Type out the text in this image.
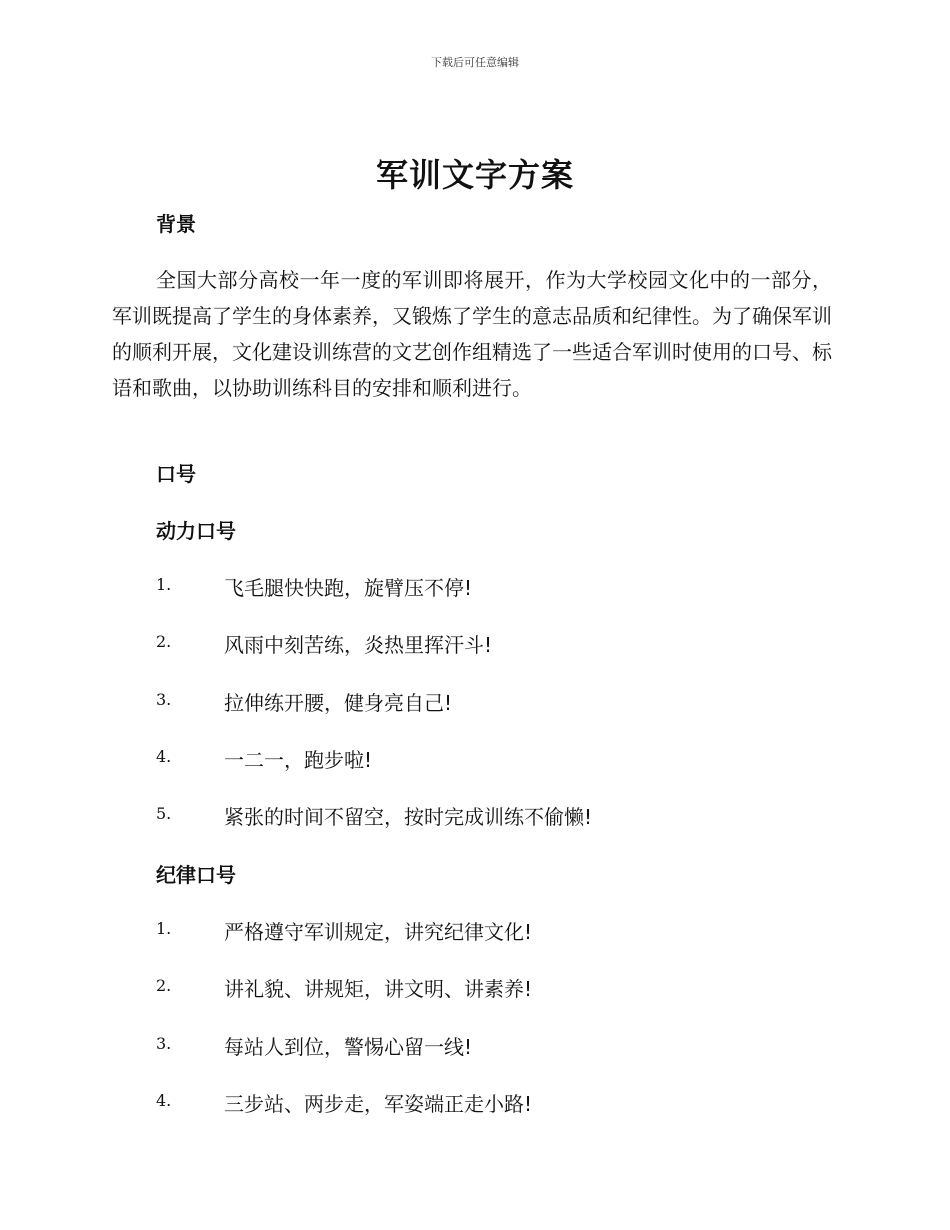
下载后可任意编辑
军训文字方案
背景

全国大部分高校一年一度的军训即将展开，作为大学校园文化中的一部分，军训既提高了学生的身体素养，又锻炼了学生的意志品质和纪律性。为了确保军训的顺利开展，文化建设训练营的文艺创作组精选了一些适合军训时使用的口号、标语和歌曲，以协助训练科目的安排和顺利进行。

口号
动力口号
1.	飞毛腿快快跑，旋臂压不停!
2.	风雨中刻苦练，炎热里挥汗斗!
3.	拉伸练开腰，健身亮自己!
4.	一二一，跑步啦!
5.	紧张的时间不留空，按时完成训练不偷懒!
纪律口号
1.	严格遵守军训规定，讲究纪律文化!
2.	讲礼貌、讲规矩，讲文明、讲素养!
3.	每站人到位，警惕心留一线!
4.	三步站、两步走，军姿端正走小路!
